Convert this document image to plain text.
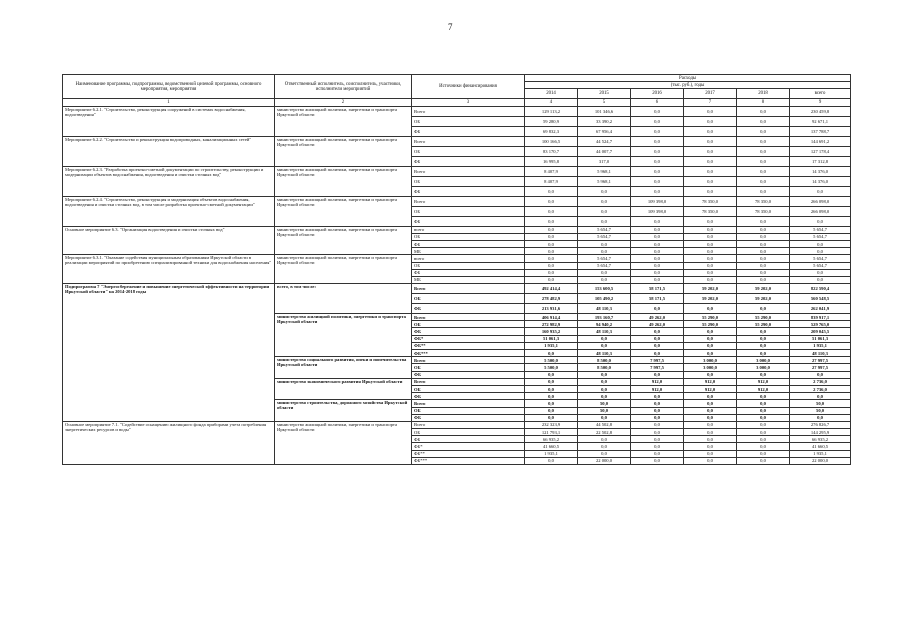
7
Наименование программы, подпрограммы, ведомственной целевой программы, основного мероприятия, мероприятия	Ответственный исполнитель, соисполнитель, участники, исполнители мероприятий	Источники финансирования	Расходы					
			(тыс. руб.), годы					
			2014	2015	2016	2017	2018	всего
1	2	3	4	5	6	7	8	9
Мероприятие 6.2.1. "Строительство, реконструкция сооружений в системах водоснабжения, водоотведения"	министерство жилищной политики, энергетики и транспорта Иркутской области	Всего	129 113,2	101 346,6	0,0	0,0	0,0	230 459,8
		ОБ	59 280,9	33 390,2	0,0	0,0	0,0	92 671,1
		ФБ	69 832,3	67 956,4	0,0	0,0	0,0	137 788,7
Мероприятие 6.2.2. "Строительство и реконструкция водопроводных, канализационных сетей"	министерство жилищной политики, энергетики и транспорта Иркутской области	Всего	100 166,5	44 524,7	0,0	0,0	0,0	144 691,2
		ОБ	83 170,7	44 007,7	0,0	0,0	0,0	127 178,4
		ФБ	16 995,8	317,0	0,0	0,0	0,0	17 312,8
Мероприятие 6.2.3. "Разработка проектно-сметной документации по строительству, реконструкции и модернизации объектов водоснабжения, водоотведения и очистки сточных вод"	министерство жилищной политики, энергетики и транспорта Иркутской области	Всего	8 407,9	5 968,1	0,0	0,0	0,0	14 376,0
		ОБ	8 407,9	5 968,1	0,0	0,0	0,0	14 376,0
		ФБ	0,0	0,0	0,0	0,0	0,0	0,0
Мероприятие 6.2.4. "Строительство, реконструкция и модернизация объектов водоснабжения, водоотведения и очистки сточных вод, в том числе разработка проектно-сметной документации"	министерство жилищной политики, энергетики и транспорта Иркутской области	Всего	0,0	0,0	109 398,0	78 350,0	78 350,0	266 098,0
		ОБ	0,0	0,0	109 398,0	78 350,0	78 350,0	266 098,0
		ФБ	0,0	0,0	0,0	0,0	0,0	0,0
Основное мероприятие 6.3. "Организация водоотведения и очистки сточных вод"	министерство жилищной политики, энергетики и транспорта Иркутской области	всего	0,0	5 654,7	0,0	0,0	0,0	5 654,7
		ОБ	0,0	5 654,7	0,0	0,0	0,0	5 654,7
		ФБ	0,0	0,0	0,0	0,0	0,0	0,0
		МБ	0,0	0,0	0,0	0,0	0,0	0,0
Мероприятие 6.3.1. "Оказание содействия муниципальным образованиям Иркутской области в реализации мероприятий по приобретению специализированной техники для водоснабжения населения"	министерство жилищной политики, энергетики и транспорта Иркутской области	всего	0,0	5 654,7	0,0	0,0	0,0	5 654,7
		ОБ	0,0	5 654,7	0,0	0,0	0,0	5 654,7
		ФБ	0,0	0,0	0,0	0,0	0,0	0,0
		МБ	0,0	0,0	0,0	0,0	0,0	0,0
Подпрограмма 7 "Энергосбережение и повышение энергетической эффективности на территории Иркутской области" на 2014-2018 годы	всего, в том числе:	Всего	492 414,4	153 600,5	58 171,5	59 202,0	59 202,0	822 590,4
		ОБ	278 482,9	105 490,2	58 171,5	59 202,0	59 202,0	560 548,5
		ФБ	213 931,6	48 110,3	0,0	0,0	0,0	262 041,9
	министерство жилищной политики, энергетики и транспорта Иркутской области	Всего	406 914,4	193 160,7	49 262,0	55 290,0	55 290,0	839 917,1
		ОБ	272 982,9	94 940,2	49 262,0	55 290,0	55 290,0	529 765,0
		ФБ	160 935,2	48 110,3	0,0	0,0	0,0	209 045,5
		ФБ*	51 061,3	0,0	0,0	0,0	0,0	51 061,3
		ФБ**	1 935,1	0,0	0,0	0,0	0,0	1 935,1
		ФБ***	0,0	48 110,3	0,0	0,0	0,0	48 110,3
	министерство социального развития, опеки и попечительства Иркутской области	Всего	5 500,0	8 500,0	7 997,5	3 000,0	3 000,0	27 997,5
		ОБ	5 500,0	8 500,0	7 997,5	3 000,0	3 000,0	27 997,5
		ФБ	0,0	0,0	0,0	0,0	0,0	0,0
	министерство экономического развития Иркутской области	Всего	0,0	0,0	912,0	912,0	912,0	2 736,0
		ОБ	0,0	0,0	912,0	912,0	912,0	2 736,0
		ФБ	0,0	0,0	0,0	0,0	0,0	0,0
	министерство строительства, дорожного хозяйства Иркутской области	Всего	0,0	50,0	0,0	0,0	0,0	50,0
		ОБ	0,0	50,0	0,0	0,0	0,0	50,0
		ФБ	0,0	0,0	0,0	0,0	0,0	0,0
Основное мероприятие 7.1. "Содействие оснащению жилищного фонда приборами учета потребления энергетических ресурсов и воды"	министерство жилищной политики, энергетики и транспорта Иркутской области	Всего	232 323,9	44 502,8	0,0	0,0	0,0	276 826,7
		ОБ	121 793,1	22 502,8	0,0	0,0	0,0	144 295,9
		ФБ	66 935,2	0,0	0,0	0,0	0,0	66 935,2
		ФБ*	41 660,5	0,0	0,0	0,0	0,0	41 660,5
		ФБ**	1 935,1	0,0	0,0	0,0	0,0	1 935,1
		ФБ***	0,0	22 000,0	0,0	0,0	0,0	22 000,0
